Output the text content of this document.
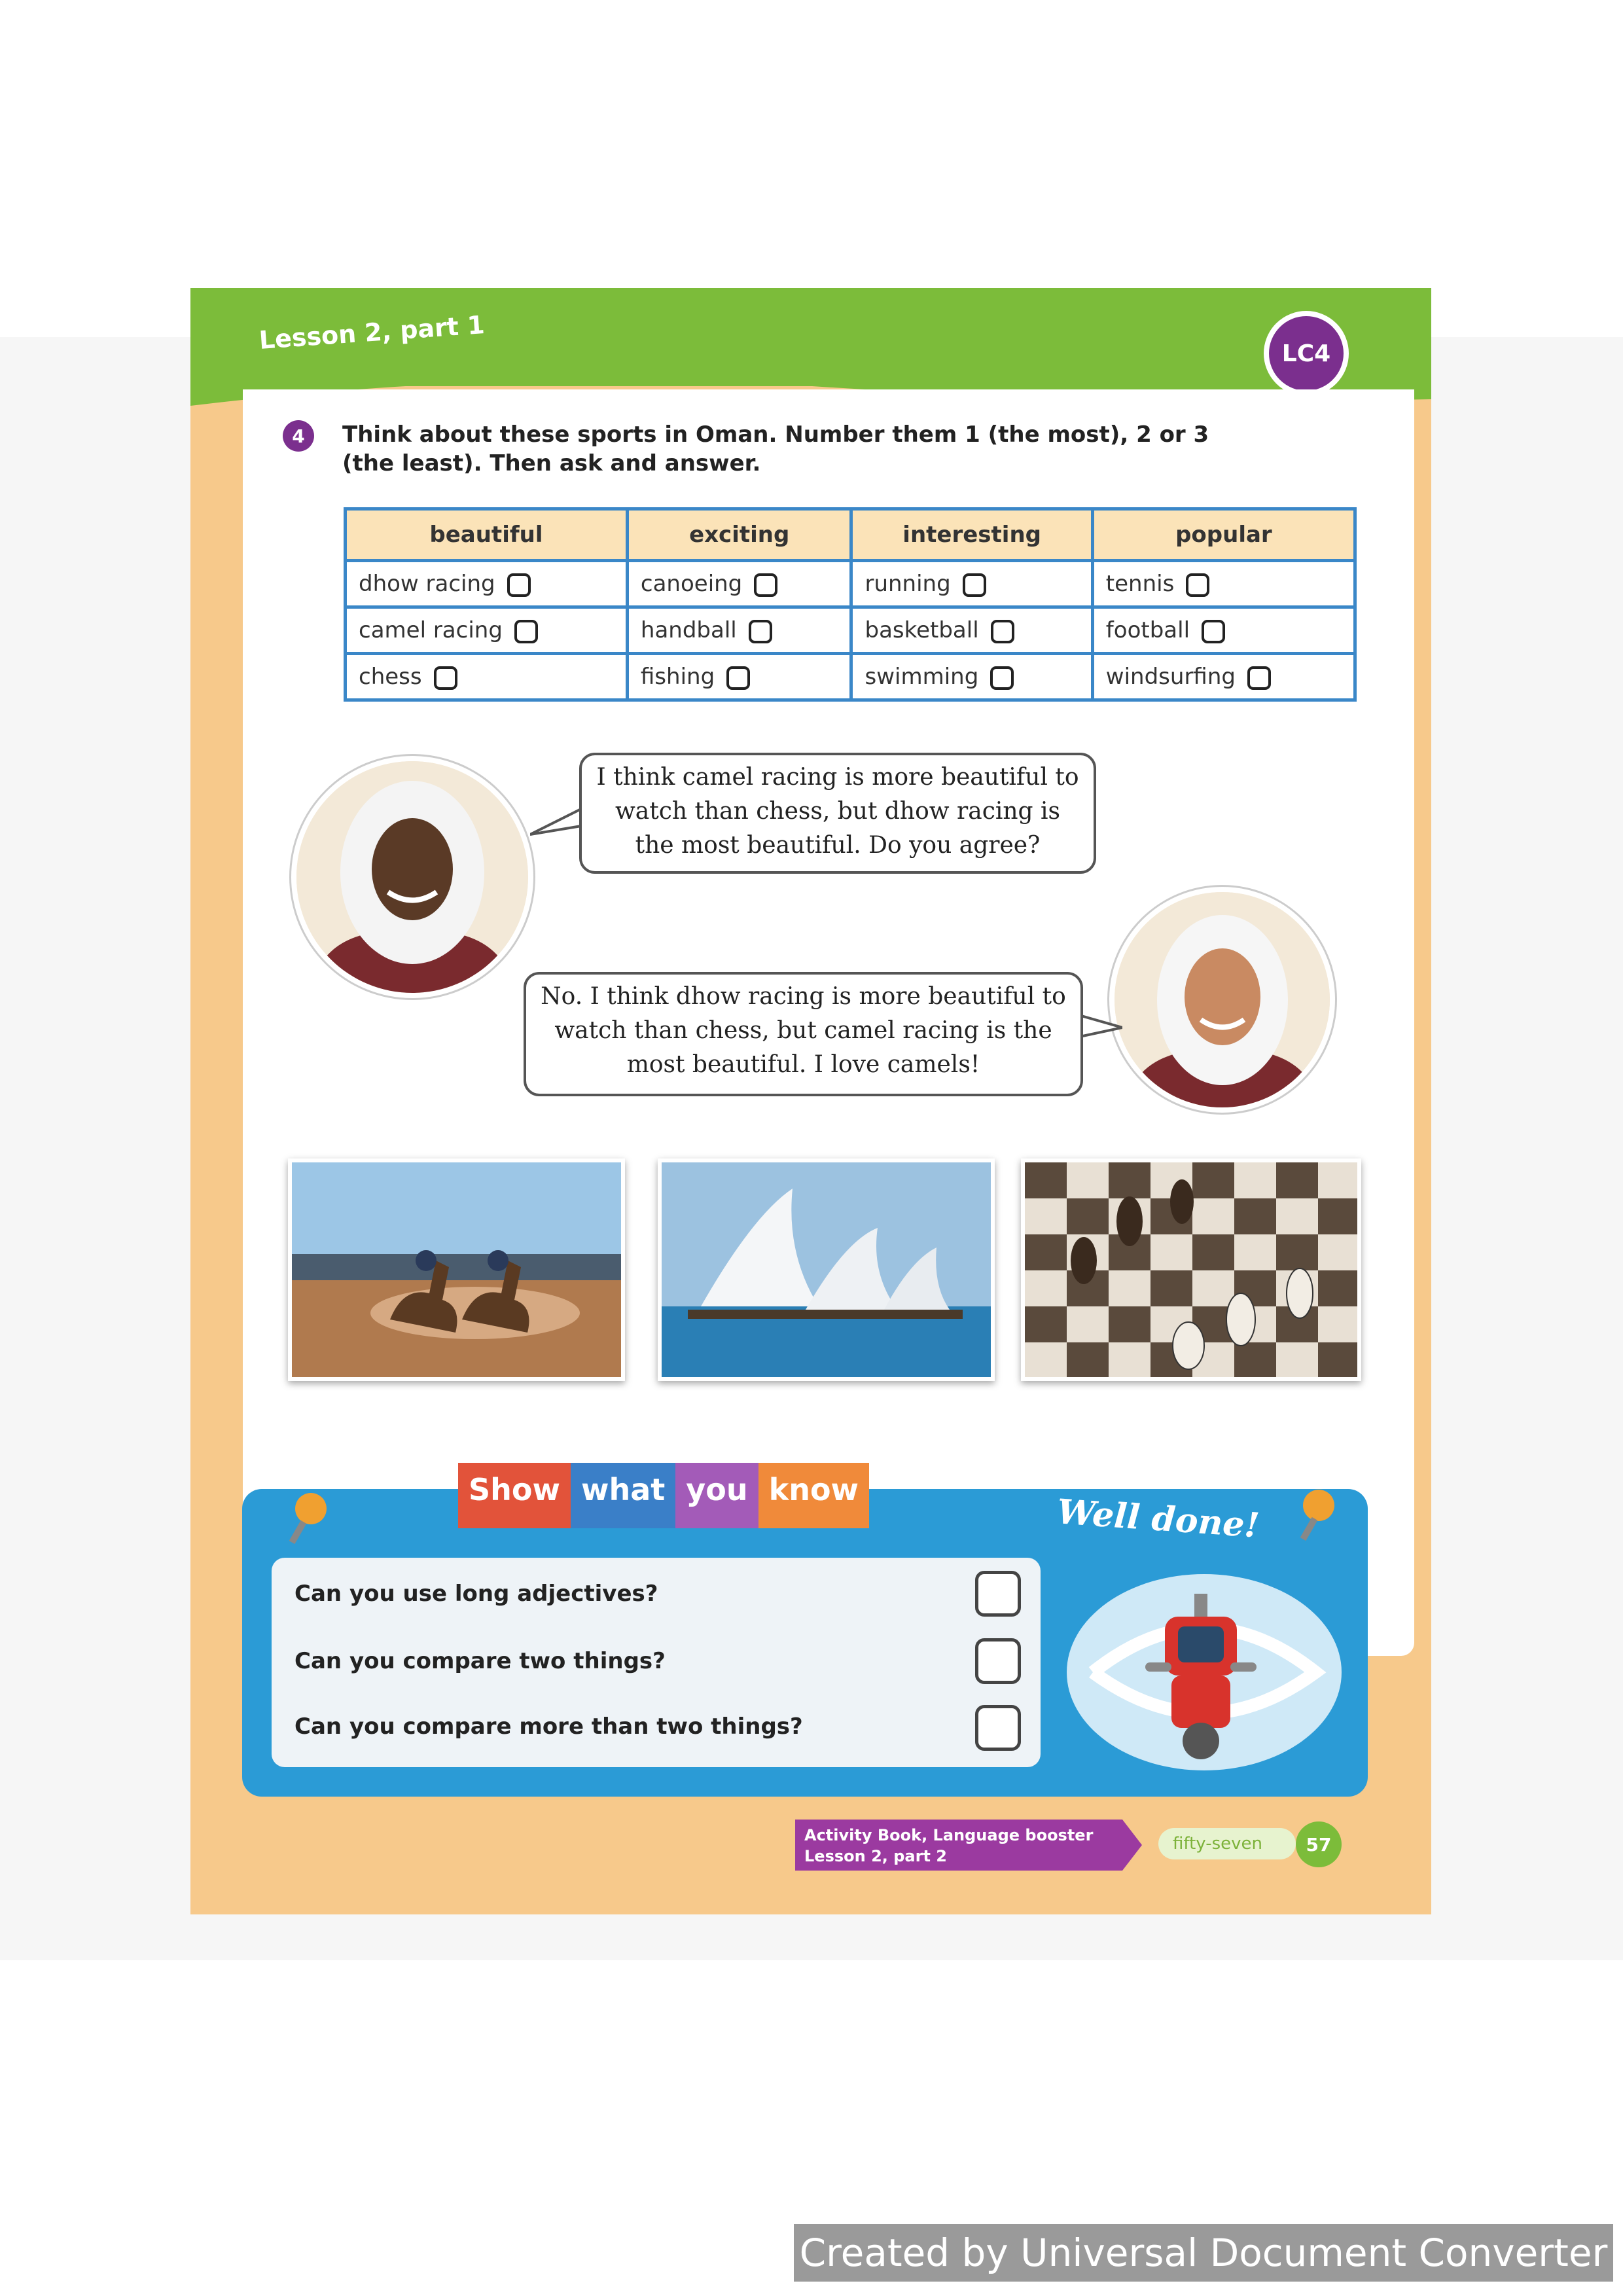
Lesson 2, part 1	LC4
4	Think about these sports in Oman. Number them 1 (the most), 2 or 3 (the least). Then ask and answer.
beautiful	exciting	interesting	popular
dhow racing	canoeing	running	tennis
camel racing	handball	basketball	football
chess	fishing	swimming	windsurfing
I think camel racing is more beautiful to watch than chess, but dhow racing is the most beautiful. Do you agree?
No. I think dhow racing is more beautiful to watch than chess, but camel racing is the most beautiful. I love camels!
Show what you know
Well done!
Can you use long adjectives?
Can you compare two things?
Can you compare more than two things?
Activity Book, Language booster
Lesson 2, part 2
fifty-seven	57
Created by Universal Document Converter
